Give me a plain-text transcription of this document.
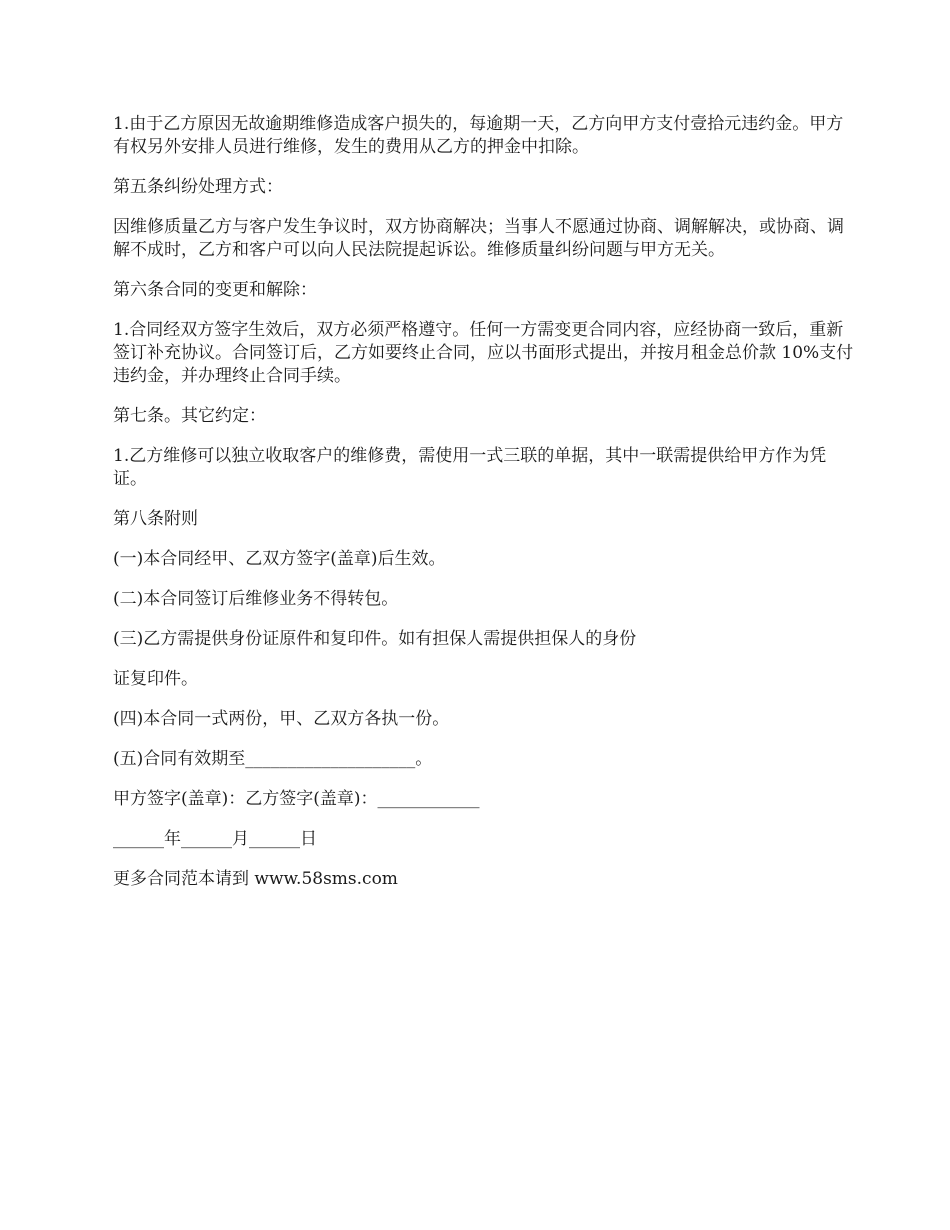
1.由于乙方原因无故逾期维修造成客户损失的，每逾期一天，乙方向甲方支付壹拾元违约金。甲方有权另外安排人员进行维修，发生的费用从乙方的押金中扣除。

第五条纠纷处理方式：

因维修质量乙方与客户发生争议时，双方协商解决；当事人不愿通过协商、调解解决，或协商、调解不成时，乙方和客户可以向人民法院提起诉讼。维修质量纠纷问题与甲方无关。

第六条合同的变更和解除：

1.合同经双方签字生效后，双方必须严格遵守。任何一方需变更合同内容，应经协商一致后，重新签订补充协议。合同签订后，乙方如要终止合同，应以书面形式提出，并按月租金总价款 10%支付违约金，并办理终止合同手续。

第七条。其它约定：

1.乙方维修可以独立收取客户的维修费，需使用一式三联的单据，其中一联需提供给甲方作为凭证。

第八条附则

(一)本合同经甲、乙双方签字(盖章)后生效。

(二)本合同签订后维修业务不得转包。

(三)乙方需提供身份证原件和复印件。如有担保人需提供担保人的身份

证复印件。

(四)本合同一式两份，甲、乙双方各执一份。

(五)合同有效期至____________________。

甲方签字(盖章)：乙方签字(盖章)：____________

______年______月______日

更多合同范本请到 www.58sms.com
